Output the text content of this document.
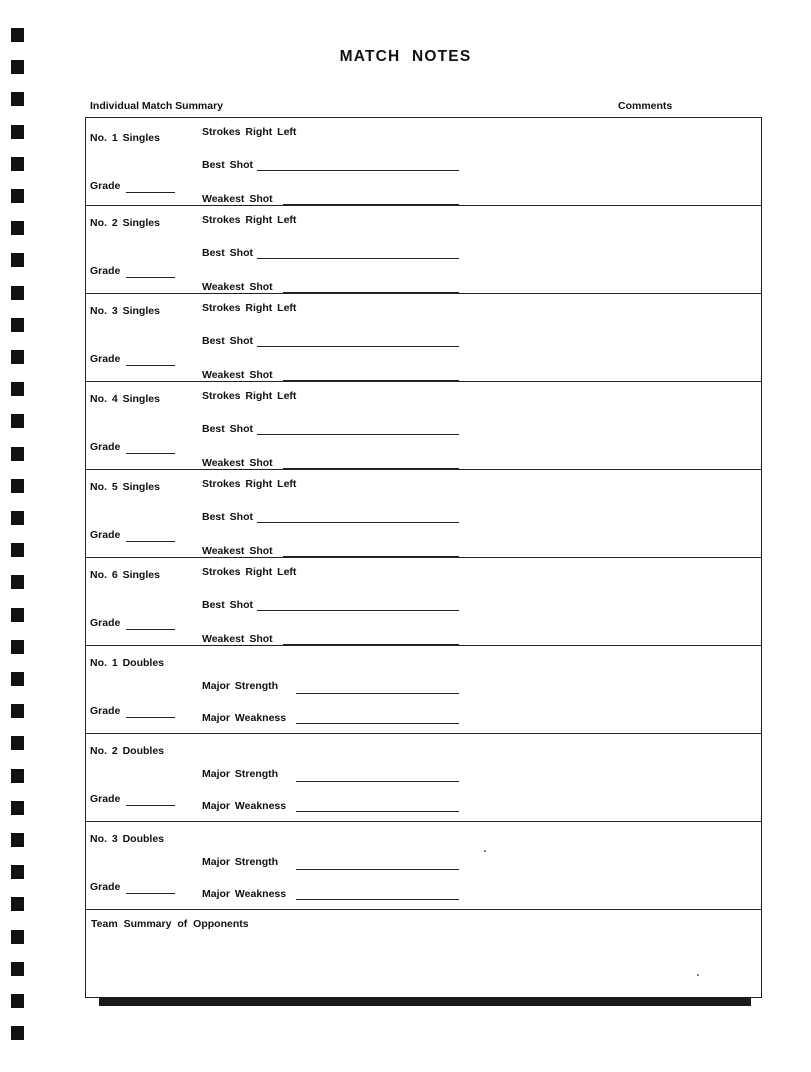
MATCH NOTES
Individual Match Summary	Comments
No. 1 Singles	Strokes Right Left
Best Shot
Grade
Weakest Shot
No. 2 Singles	Strokes Right Left
Best Shot
Grade
Weakest Shot
No. 3 Singles	Strokes Right Left
Best Shot
Grade
Weakest Shot
No. 4 Singles	Strokes Right Left
Best Shot
Grade
Weakest Shot
No. 5 Singles	Strokes Right Left
Best Shot
Grade
Weakest Shot
No. 6 Singles	Strokes Right Left
Best Shot
Grade
Weakest Shot
No. 1 Doubles
Major Strength
Grade
Major Weakness
No. 2 Doubles
Major Strength
Grade
Major Weakness
No. 3 Doubles
Major Strength
Grade
Major Weakness
Team Summary of Opponents
